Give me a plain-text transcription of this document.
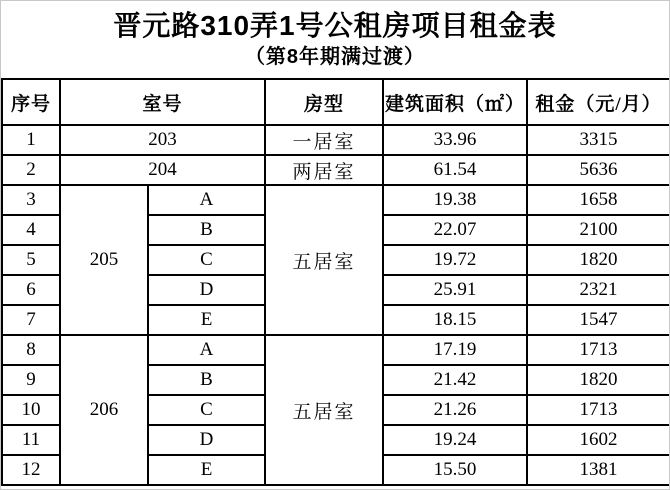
晋元路310弄1号公租房项目租金表
（第8年期满过渡）
序号	室号		房型	建筑面积（㎡）	租金（元/月）
1	203		一居室	33.96	3315
2	204		两居室	61.54	5636
3	205	A	五居室	19.38	1658
4		B		22.07	2100
5		C		19.72	1820
6		D		25.91	2321
7		E		18.15	1547
8	206	A	五居室	17.19	1713
9		B		21.42	1820
10		C		21.26	1713
11		D		19.24	1602
12		E		15.50	1381
